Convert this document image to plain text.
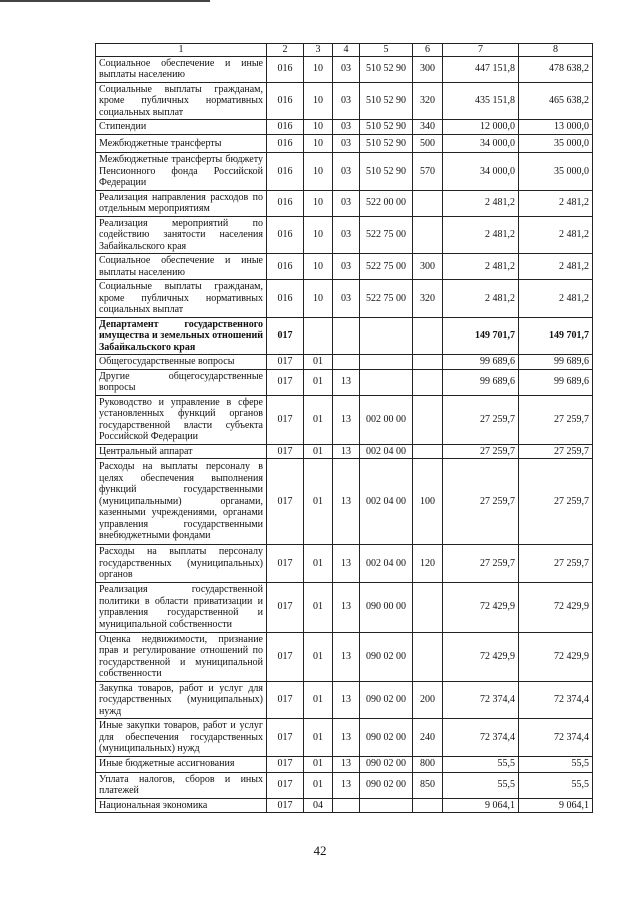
1	2	3	4	5	6	7	8
Социальное обеспечение и иные выплаты населению	016	10	03	510 52 90	300	447 151,8	478 638,2
Социальные выплаты гражданам, кроме публичных нормативных социальных выплат	016	10	03	510 52 90	320	435 151,8	465 638,2
Стипендии	016	10	03	510 52 90	340	12 000,0	13 000,0
Межбюджетные трансферты	016	10	03	510 52 90	500	34 000,0	35 000,0
Межбюджетные трансферты бюджету Пенсионного фонда Российской Федерации	016	10	03	510 52 90	570	34 000,0	35 000,0
Реализация направления расходов по отдельным мероприятиям	016	10	03	522 00 00		2 481,2	2 481,2
Реализация мероприятий по содействию занятости населения Забайкальского края	016	10	03	522 75 00		2 481,2	2 481,2
Социальное обеспечение и иные выплаты населению	016	10	03	522 75 00	300	2 481,2	2 481,2
Социальные выплаты гражданам, кроме публичных нормативных социальных выплат	016	10	03	522 75 00	320	2 481,2	2 481,2
Департамент государственного имущества и земельных отношений Забайкальского края	017					149 701,7	149 701,7
Общегосударственные вопросы	017	01				99 689,6	99 689,6
Другие общегосударственные вопросы	017	01	13			99 689,6	99 689,6
Руководство и управление в сфере установленных функций органов государственной власти субъекта Российской Федерации	017	01	13	002 00 00		27 259,7	27 259,7
Центральный аппарат	017	01	13	002 04 00		27 259,7	27 259,7
Расходы на выплаты персоналу в целях обеспечения выполнения функций государственными (муниципальными) органами, казенными учреждениями, органами управления государственными внебюджетными фондами	017	01	13	002 04 00	100	27 259,7	27 259,7
Расходы на выплаты персоналу государственных (муниципальных) органов	017	01	13	002 04 00	120	27 259,7	27 259,7
Реализация государственной политики в области приватизации и управления государственной и муниципальной собственности	017	01	13	090 00 00		72 429,9	72 429,9
Оценка недвижимости, признание прав и регулирование отношений по государственной и муниципальной собственности	017	01	13	090 02 00		72 429,9	72 429,9
Закупка товаров, работ и услуг для государственных (муниципальных) нужд	017	01	13	090 02 00	200	72 374,4	72 374,4
Иные закупки товаров, работ и услуг для обеспечения государственных (муниципальных) нужд	017	01	13	090 02 00	240	72 374,4	72 374,4
Иные бюджетные ассигнования	017	01	13	090 02 00	800	55,5	55,5
Уплата налогов, сборов и иных платежей	017	01	13	090 02 00	850	55,5	55,5
Национальная экономика	017	04				9 064,1	9 064,1
42
